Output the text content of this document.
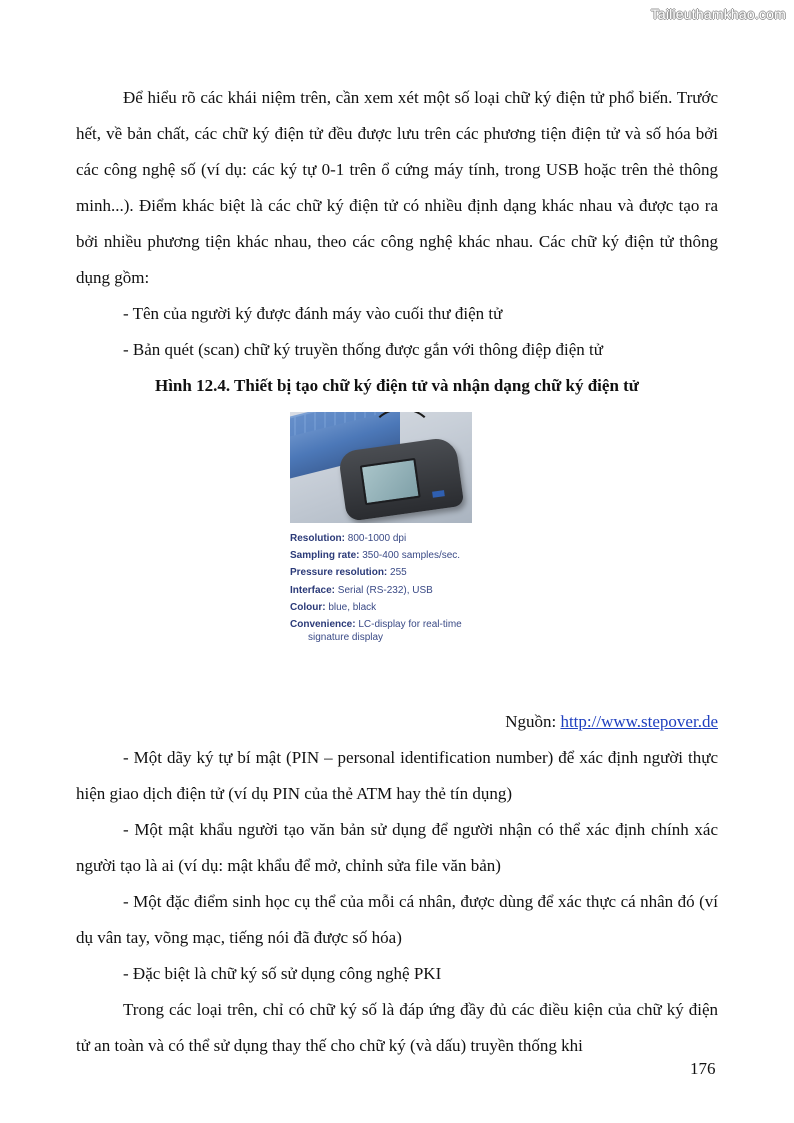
Tailieuthamkhao.com

Để hiểu rõ các khái niệm trên, cần xem xét một số loại chữ ký điện tử phổ biến. Trước hết, về bản chất, các chữ ký điện tử đều được lưu trên các phương tiện điện tử và số hóa bởi các công nghệ số (ví dụ: các ký tự 0-1 trên ổ cứng máy tính, trong USB hoặc trên thẻ thông minh...). Điểm khác biệt là các chữ ký điện tử có nhiều định dạng khác nhau và được tạo ra bởi nhiều phương tiện khác nhau, theo các công nghệ khác nhau. Các chữ ký điện tử thông dụng gồm:

- Tên của người ký được đánh máy vào cuối thư điện tử

- Bản quét (scan) chữ ký truyền thống được gắn với thông điệp điện tử

Hình 12.4. Thiết bị tạo chữ ký điện tử và nhận dạng chữ ký điện tử

Resolution: 800-1000 dpi
Sampling rate: 350-400 samples/sec.
Pressure resolution: 255
Interface: Serial (RS-232), USB
Colour: blue, black
Convenience: LC-display for real-time
signature display

Nguồn: http://www.stepover.de

- Một dãy ký tự bí mật (PIN – personal identification number) để xác định người thực hiện giao dịch điện tử (ví dụ PIN của thẻ ATM hay thẻ tín dụng)

- Một mật khẩu người tạo văn bản sử dụng để người nhận có thể xác định chính xác người tạo là ai (ví dụ: mật khẩu để mở, chỉnh sửa file văn bản)

- Một đặc điểm sinh học cụ thể của mỗi cá nhân, được dùng để xác thực cá nhân đó (ví dụ vân tay, võng mạc, tiếng nói đã được số hóa)

- Đặc biệt là chữ ký số sử dụng công nghệ PKI

Trong các loại trên, chỉ có chữ ký số là đáp ứng đầy đủ các điều kiện của chữ ký điện tử an toàn và có thể sử dụng thay thế cho chữ ký (và dấu) truyền thống khi

176
